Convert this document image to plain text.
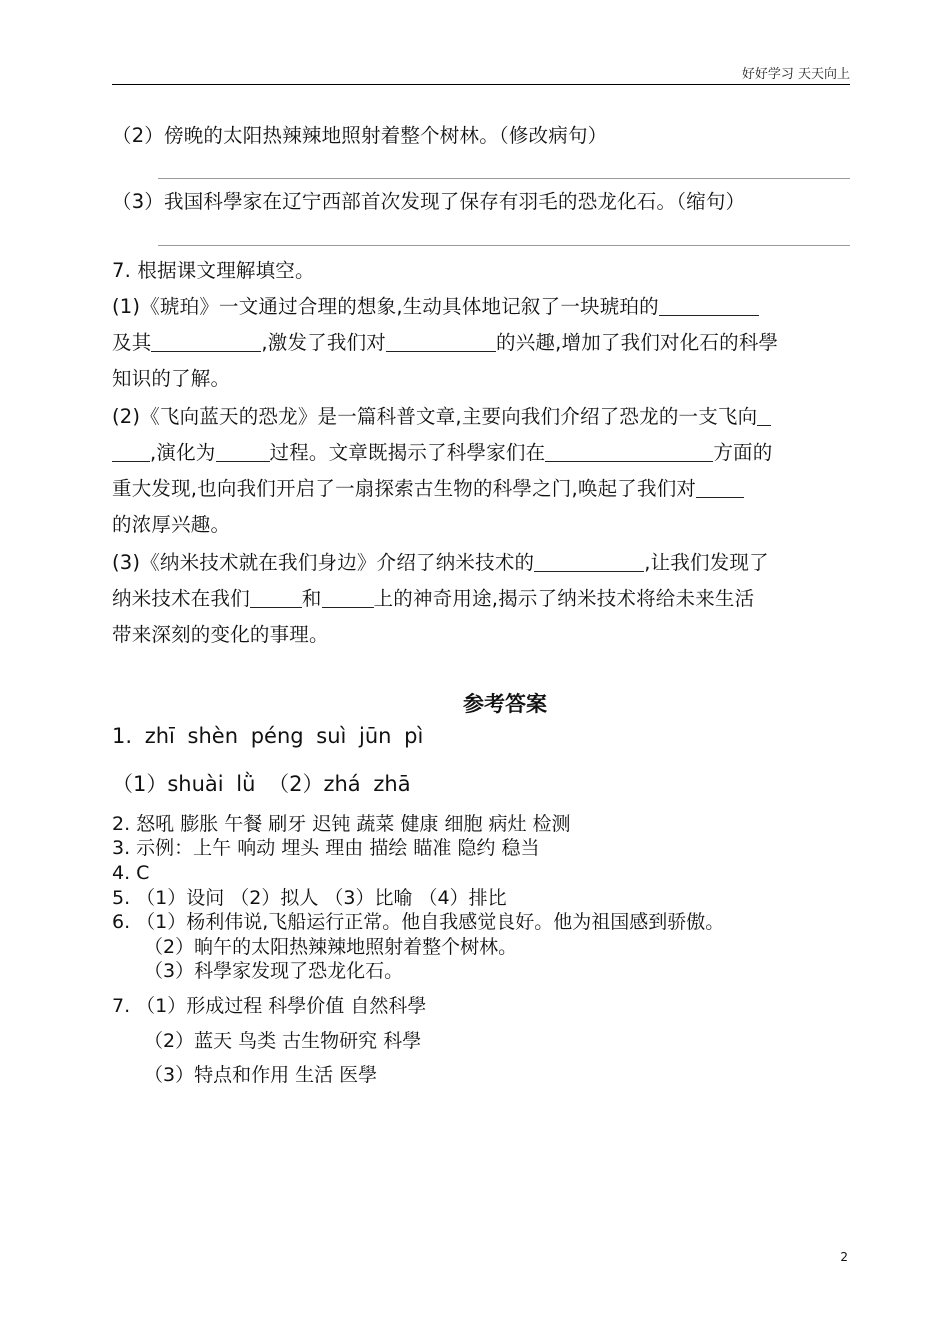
好好学习 天天向上
（2）傍晚的太阳热辣辣地照射着整个树林。（修改病句）
（3）我国科學家在辽宁西部首次发现了保存有羽毛的恐龙化石。（缩句）
7. 根据课文理解填空。
(1)《琥珀》一文通过合理的想象,生动具体地记叙了一块琥珀的
及其	,激发了我们对	的兴趣,增加了我们对化石的科學
知识的了解。
(2)《飞向蓝天的恐龙》是一篇科普文章,主要向我们介绍了恐龙的一支飞向
,演化为	过程。文章既揭示了科學家们在	方面的
重大发现,也向我们开启了一扇探索古生物的科學之门,唤起了我们对
的浓厚兴趣。
(3)《纳米技术就在我们身边》介绍了纳米技术的	,让我们发现了
纳米技术在我们	和	上的神奇用途,揭示了纳米技术将给未来生活
带来深刻的变化的事理。
参考答案
1. zhī shèn péng suì jūn pì
（1）shuài lǜ （2）zhá zhā
2. 怒吼 膨胀 午餐 刷牙 迟钝 蔬菜 健康 细胞 病灶 检测
3. 示例：上午 响动 埋头 理由 描绘 瞄准 隐约 稳当
4. C
5. （1）设问 （2）拟人 （3）比喻 （4）排比
6. （1）杨利伟说,飞船运行正常。他自我感觉良好。他为祖国感到骄傲。
（2）晌午的太阳热辣辣地照射着整个树林。
（3）科學家发现了恐龙化石。
7. （1）形成过程 科學价值 自然科學
（2）蓝天 鸟类 古生物研究 科學
（3）特点和作用 生活 医學
2
